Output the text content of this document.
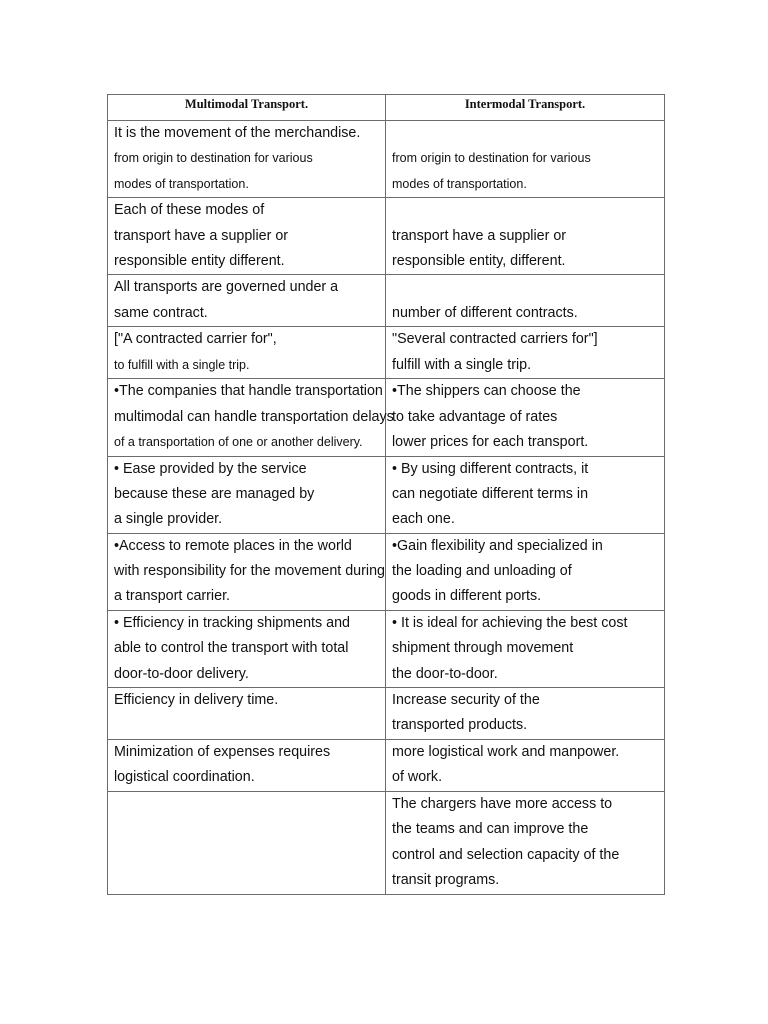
Multimodal Transport.	Intermodal Transport.

It is the movement of the merchandise.
from origin to destination for various
modes of transportation.	from origin to destination for various
modes of transportation.

Each of these modes of
transport have a supplier or
responsible entity different.	transport have a supplier or
responsible entity, different.

All transports are governed under a
same contract.	number of different contracts.

["A contracted carrier for",
to fulfill with a single trip.	"Several contracted carriers for"]
fulfill with a single trip.

•The companies that handle transportation
multimodal can handle transportation delays
of a transportation of one or another delivery.	•The shippers can choose the
to take advantage of rates
lower prices for each transport.

• Ease provided by the service
because these are managed by
a single provider.	• By using different contracts, it
can negotiate different terms in
each one.

•Access to remote places in the world
with responsibility for the movement during
a transport carrier.	•Gain flexibility and specialized in
the loading and unloading of
goods in different ports.

• Efficiency in tracking shipments and
able to control the transport with total
door-to-door delivery.	• It is ideal for achieving the best cost
shipment through movement
the door-to-door.

Efficiency in delivery time.	Increase security of the
transported products.

Minimization of expenses requires
logistical coordination.	more logistical work and manpower.
of work.

	The chargers have more access to
the teams and can improve the
control and selection capacity of the
transit programs.
